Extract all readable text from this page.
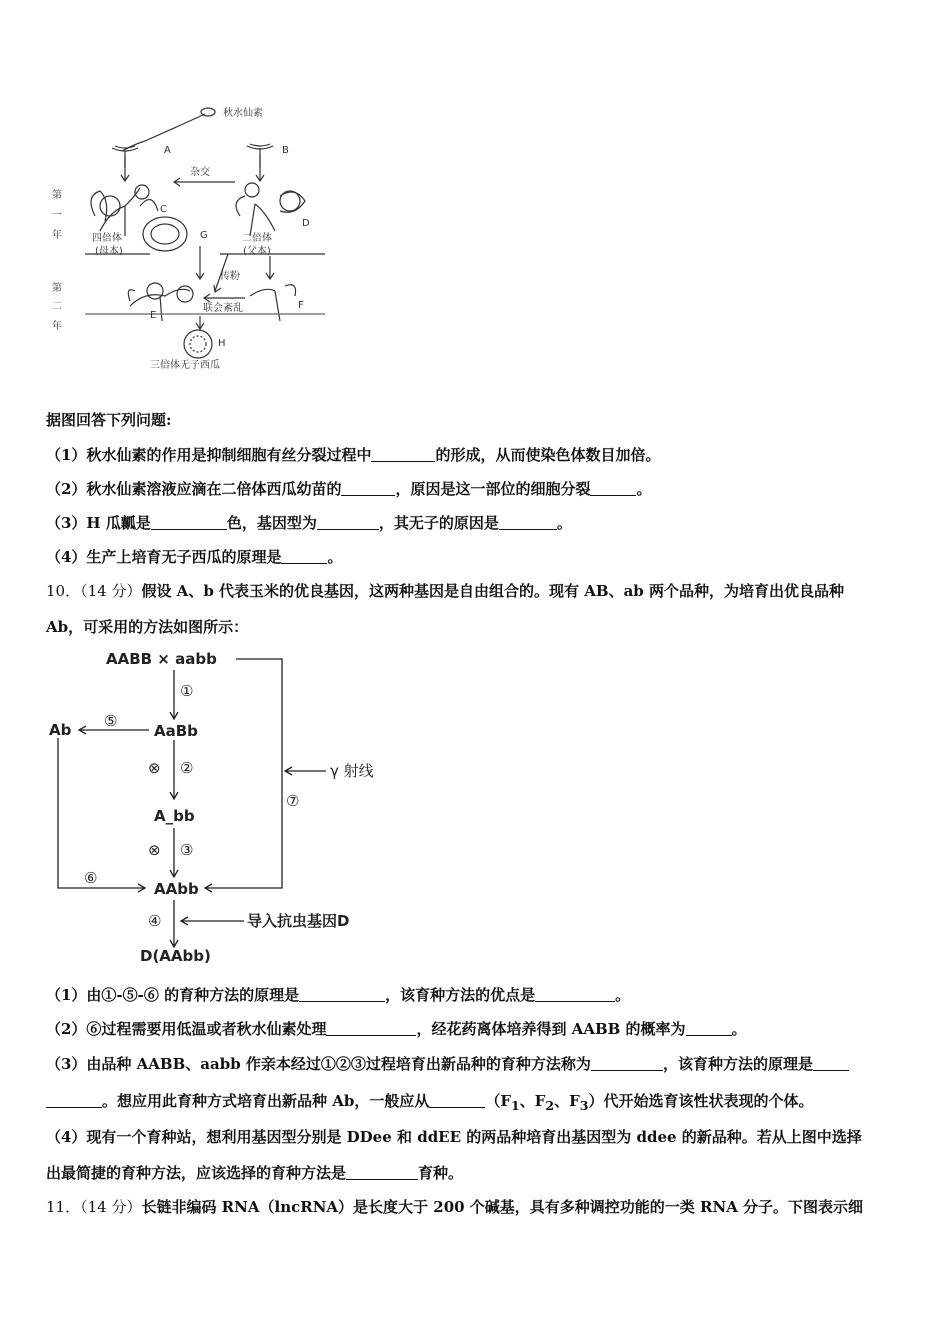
秋水仙素
A	B
杂交
C
D
G
四倍体
(母本)
二倍体
(父本)
第
一
年
第
二
年
传粉
联会紊乱
E
F
H
三倍体无子西瓜
据图回答下列问题:
（1）秋水仙素的作用是抑制细胞有丝分裂过程中	的形成，从而使染色体数目加倍。
（2）秋水仙素溶液应滴在二倍体西瓜幼苗的	，原因是这一部位的细胞分裂	。
（3）H 瓜瓤是	色，基因型为	，其无子的原因是	。
（4）生产上培育无子西瓜的原理是	。
10．（14 分）假设 A、b 代表玉米的优良基因，这两种基因是自由组合的。现有 AB、ab 两个品种，为培育出优良品种
Ab，可采用的方法如图所示：
AABB × aabb
①
⑤
Ab	AaBb
⊗ ②	γ 射线
⑦
A_bb
⊗ ③
⑥
AAbb
④	导入抗虫基因D
D(AAbb)
（1）由①-⑤-⑥ 的育种方法的原理是	，该育种方法的优点是	。
（2）⑥过程需要用低温或者秋水仙素处理	，经花药离体培养得到 AABB 的概率为	。
（3）由品种 AABB、aabb 作亲本经过①②③过程培育出新品种的育种方法称为	，该育种方法的原理是
。想应用此育种方式培育出新品种 Ab，一般应从	（$F_1$、$F_2$、$F_3$）代开始选育该性状表现的个体。
（4）现有一个育种站，想利用基因型分别是 DDee 和 ddEE 的两品种培育出基因型为 ddee 的新品种。若从上图中选择
出最简捷的育种方法，应该选择的育种方法是	育种。
11．（14 分）长链非编码 RNA（lncRNA）是长度大于 200 个碱基，具有多种调控功能的一类 RNA 分子。下图表示细
